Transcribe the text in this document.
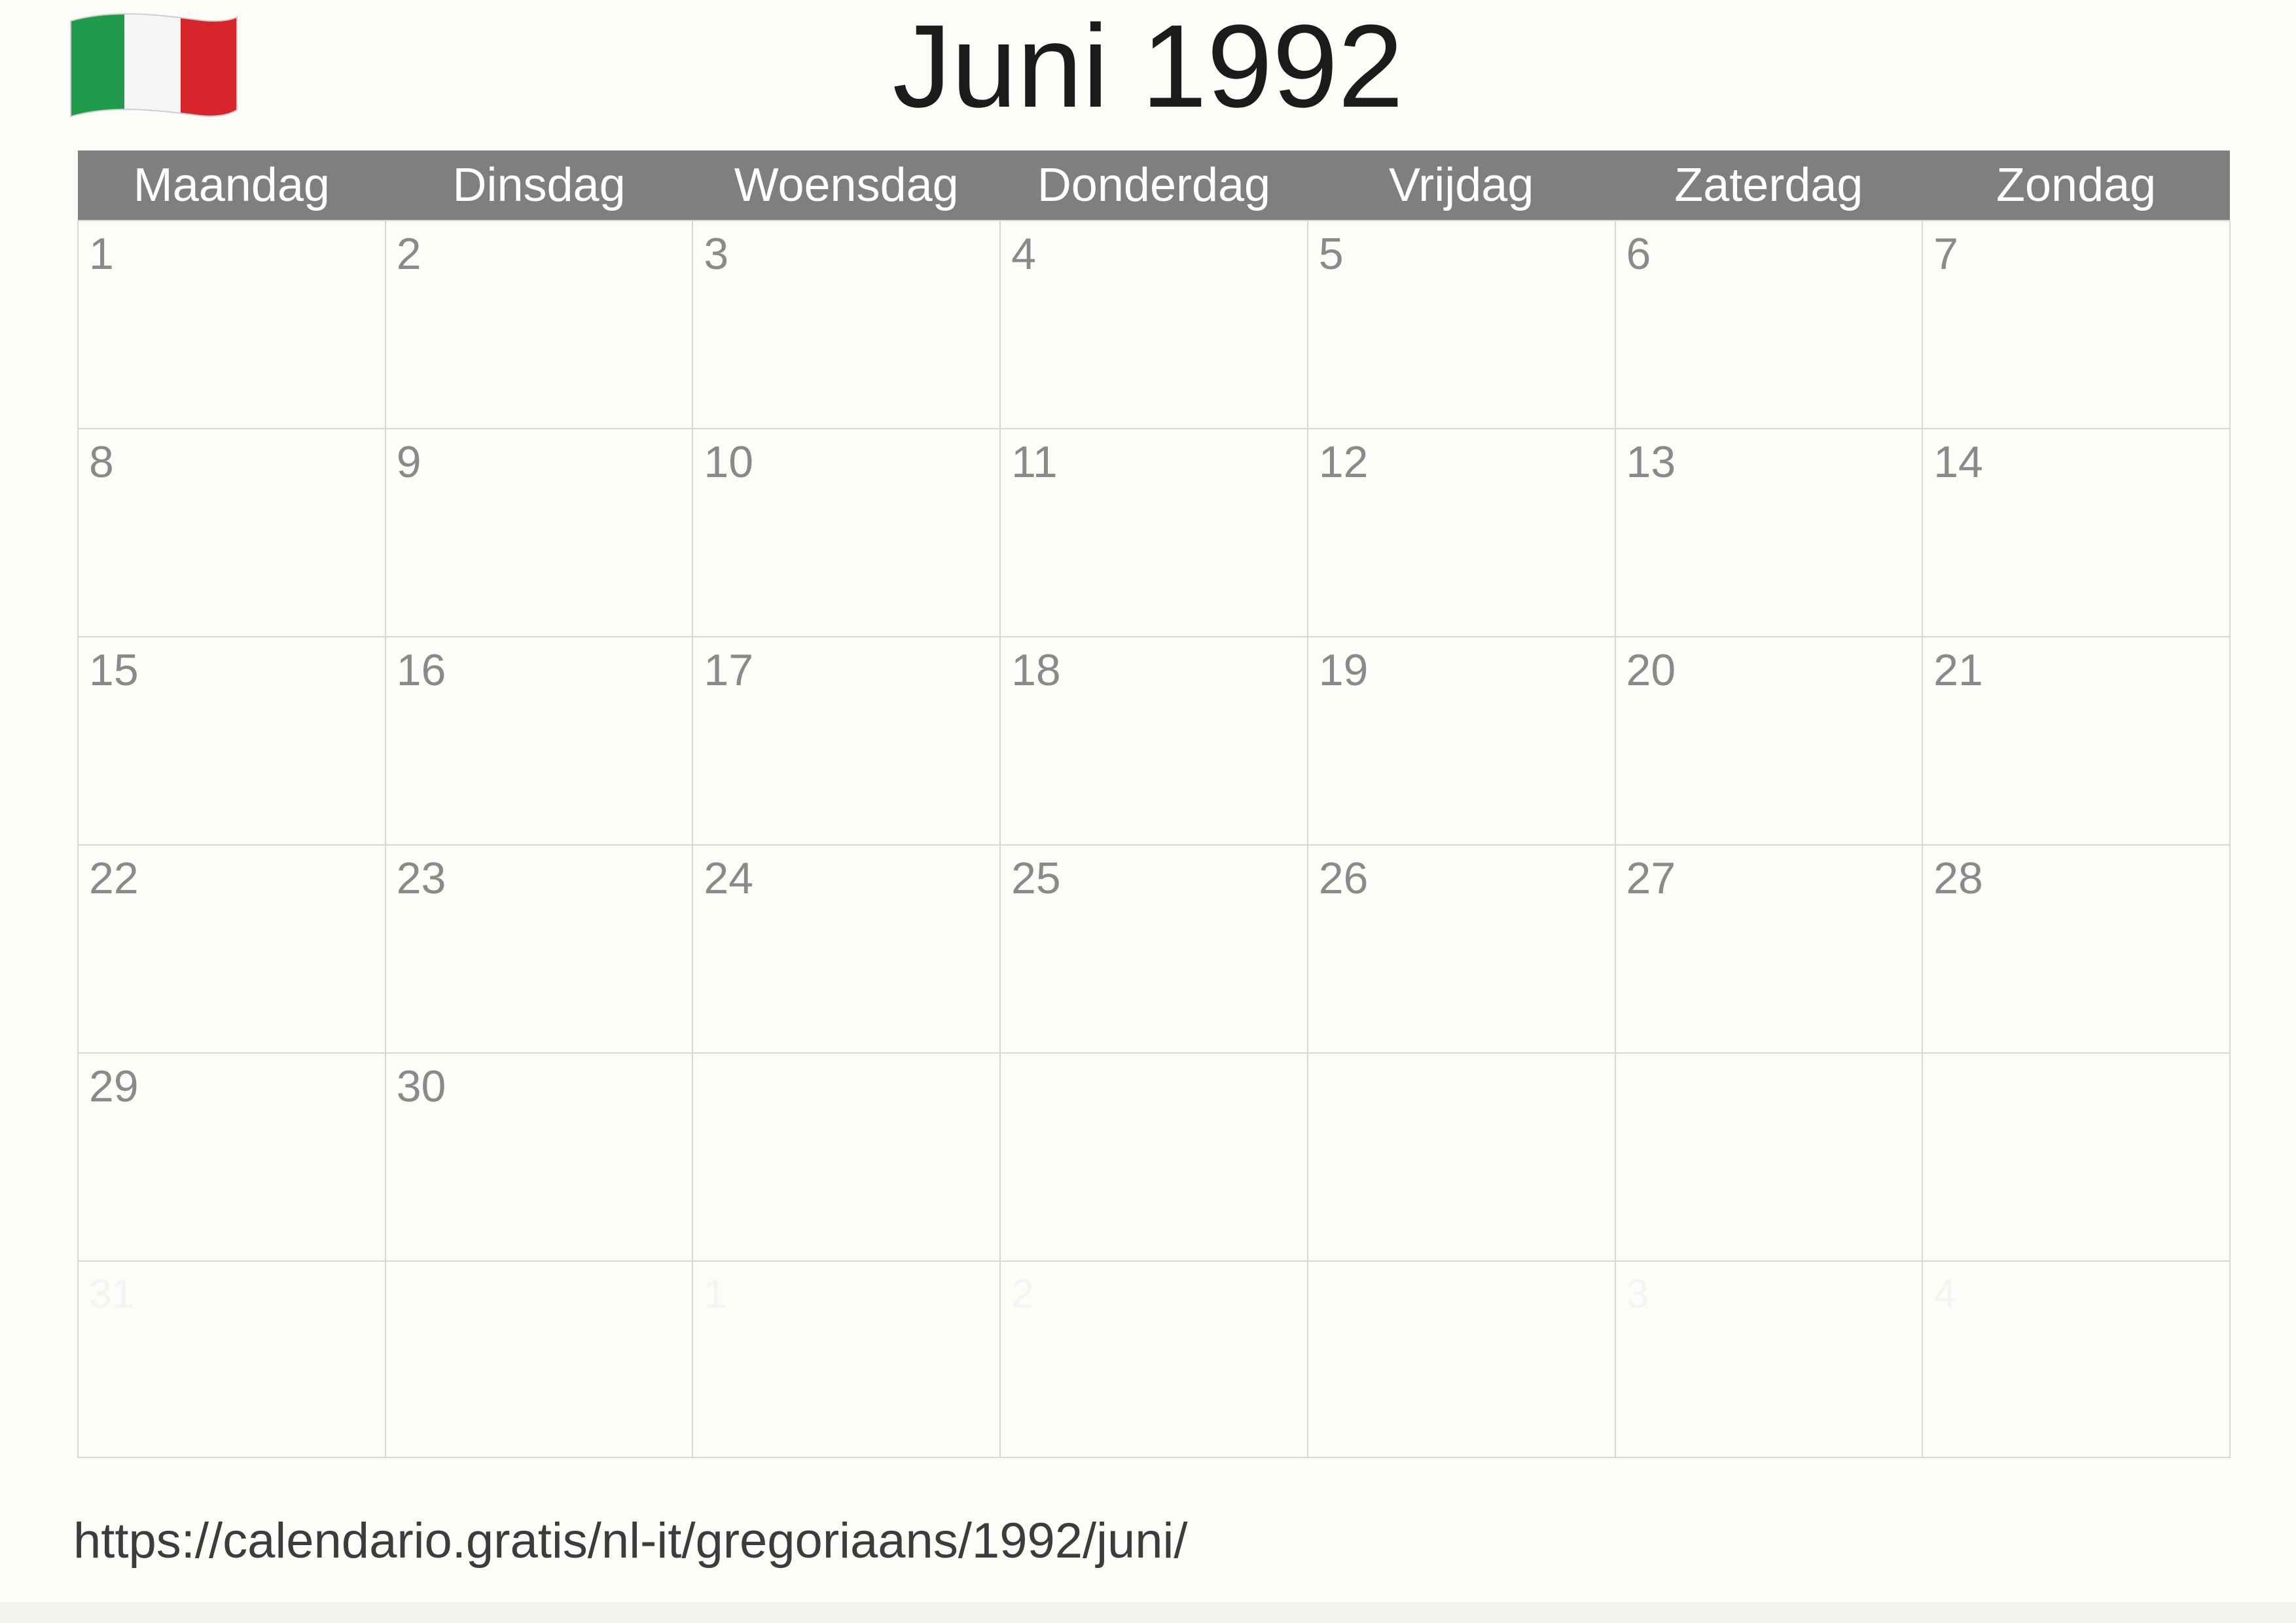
Juni 1992
Maandag	Dinsdag	Woensdag	Donderdag	Vrijdag	Zaterdag	Zondag

1	2	3	4	5	6	7

8	9	10	11	12	13	14

15	16	17	18	19	20	21

22	23	24	25	26	27	28

29	30					

31		1	2		3	4
https://calendario.gratis/nl-it/gregoriaans/1992/juni/
